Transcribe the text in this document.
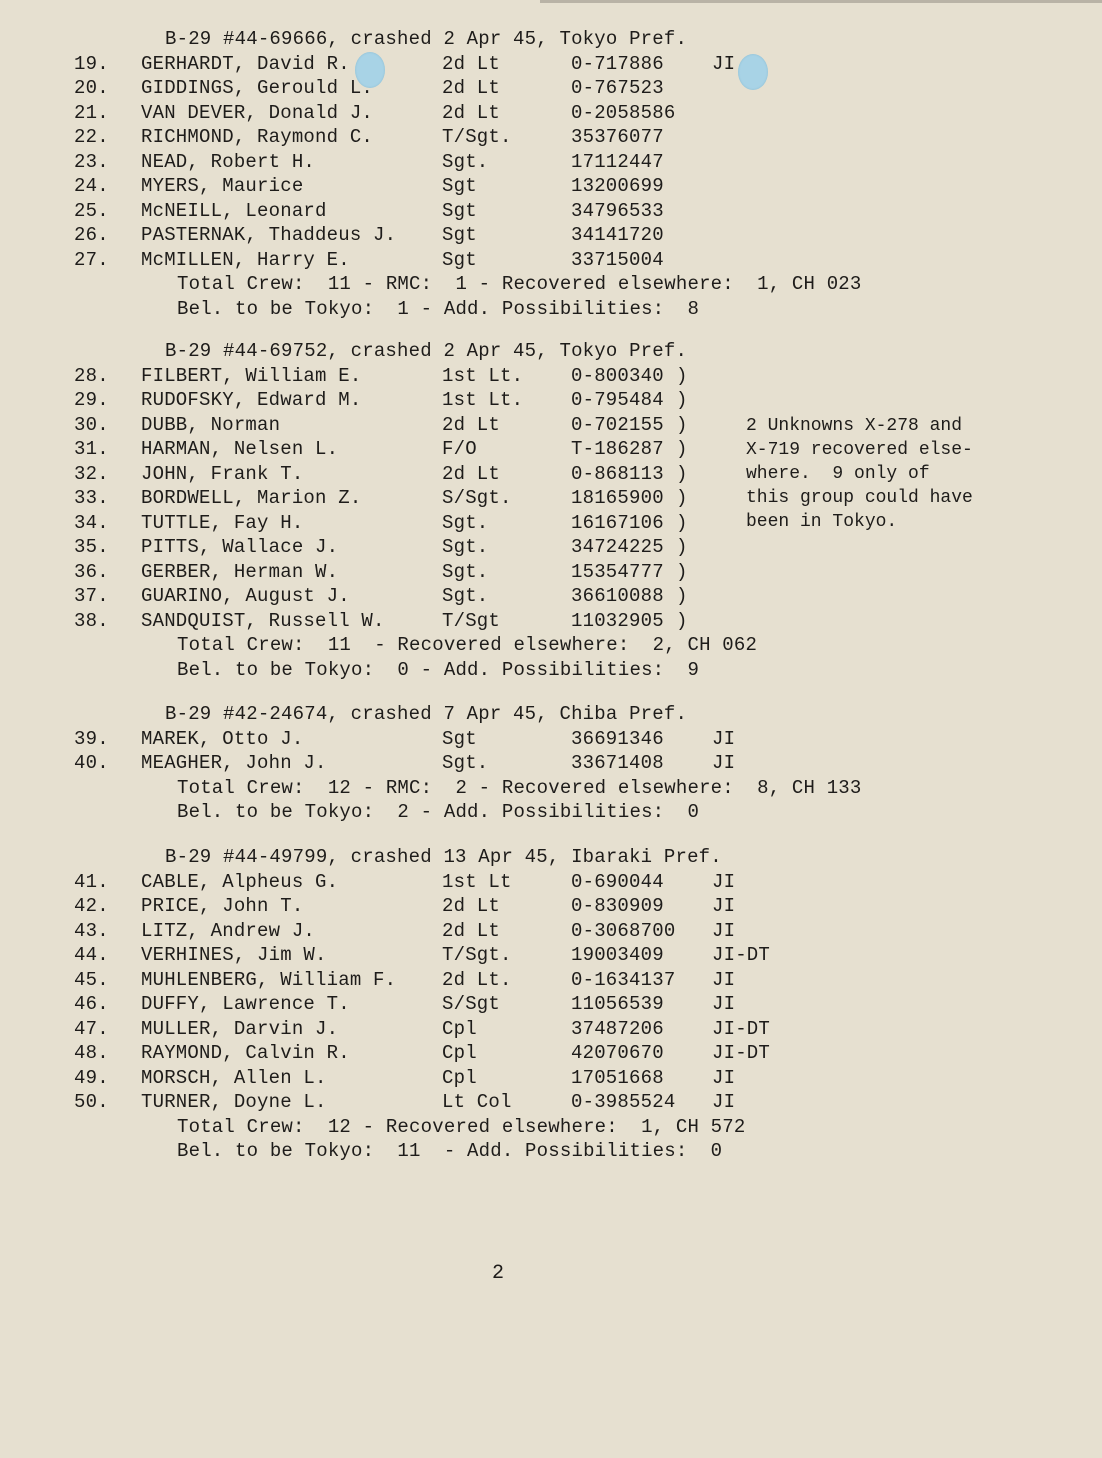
B-29 #44-69666, crashed 2 Apr 45, Tokyo Pref.
19. GERHARDT, David R.	2d Lt	0-717886	JI
20. GIDDINGS, Gerould L.	2d Lt	0-767523
21. VAN DEVER, Donald J.	2d Lt	0-2058586
22. RICHMOND, Raymond C.	T/Sgt.	35376077
23. NEAD, Robert H.	Sgt.	17112447
24. MYERS, Maurice	Sgt	13200699
25. McNEILL, Leonard	Sgt	34796533
26. PASTERNAK, Thaddeus J. Sgt	34141720
27. McMILLEN, Harry E.	Sgt	33715004
Total Crew:  11 - RMC:  1 - Recovered elsewhere:  1, CH 023
Bel. to be Tokyo:  1 - Add. Possibilities:  8
B-29 #44-69752, crashed 2 Apr 45, Tokyo Pref.
28. FILBERT, William E.	1st Lt.	0-800340 )
29. RUDOFSKY, Edward M.	1st Lt.	0-795484 )
30. DUBB, Norman	2d Lt	0-702155 )
31. HARMAN, Nelsen L.	F/O	T-186287 )
32. JOHN, Frank T.	2d Lt	0-868113 )
33. BORDWELL, Marion Z.	S/Sgt.	18165900 )
34. TUTTLE, Fay H.	Sgt.	16167106 )
35. PITTS, Wallace J.	Sgt.	34724225 )
36. GERBER, Herman W.	Sgt.	15354777 )
37. GUARINO, August J.	Sgt.	36610088 )
38. SANDQUIST, Russell W.	T/Sgt	11032905 )
Total Crew:  11  - Recovered elsewhere:  2, CH 062
Bel. to be Tokyo:  0 - Add. Possibilities:  9
B-29 #42-24674, crashed 7 Apr 45, Chiba Pref.
39. MAREK, Otto J.	Sgt	36691346	JI
40. MEAGHER, John J.	Sgt.	33671408	JI
Total Crew:  12 - RMC:  2 - Recovered elsewhere:  8, CH 133
Bel. to be Tokyo:  2 - Add. Possibilities:  0
B-29 #44-49799, crashed 13 Apr 45, Ibaraki Pref.
41. CABLE, Alpheus G.	1st Lt	0-690044	JI
42. PRICE, John T.	2d Lt	0-830909	JI
43. LITZ, Andrew J.	2d Lt	0-3068700 JI
44. VERHINES, Jim W.	T/Sgt.	19003409	JI-DT
45. MUHLENBERG, William F. 2d Lt.	0-1634137 JI
46. DUFFY, Lawrence T.	S/Sgt	11056539	JI
47. MULLER, Darvin J.	Cpl	37487206	JI-DT
48. RAYMOND, Calvin R.	Cpl	42070670	JI-DT
49. MORSCH, Allen L.	Cpl	17051668	JI
50. TURNER, Doyne L.	Lt Col	0-3985524 JI
Total Crew:  12 - Recovered elsewhere:  1, CH 572
Bel. to be Tokyo:  11  - Add. Possibilities:  0
2 Unknowns X-278 and
X-719 recovered else-
where.  9 only of
this group could have
been in Tokyo.
2
